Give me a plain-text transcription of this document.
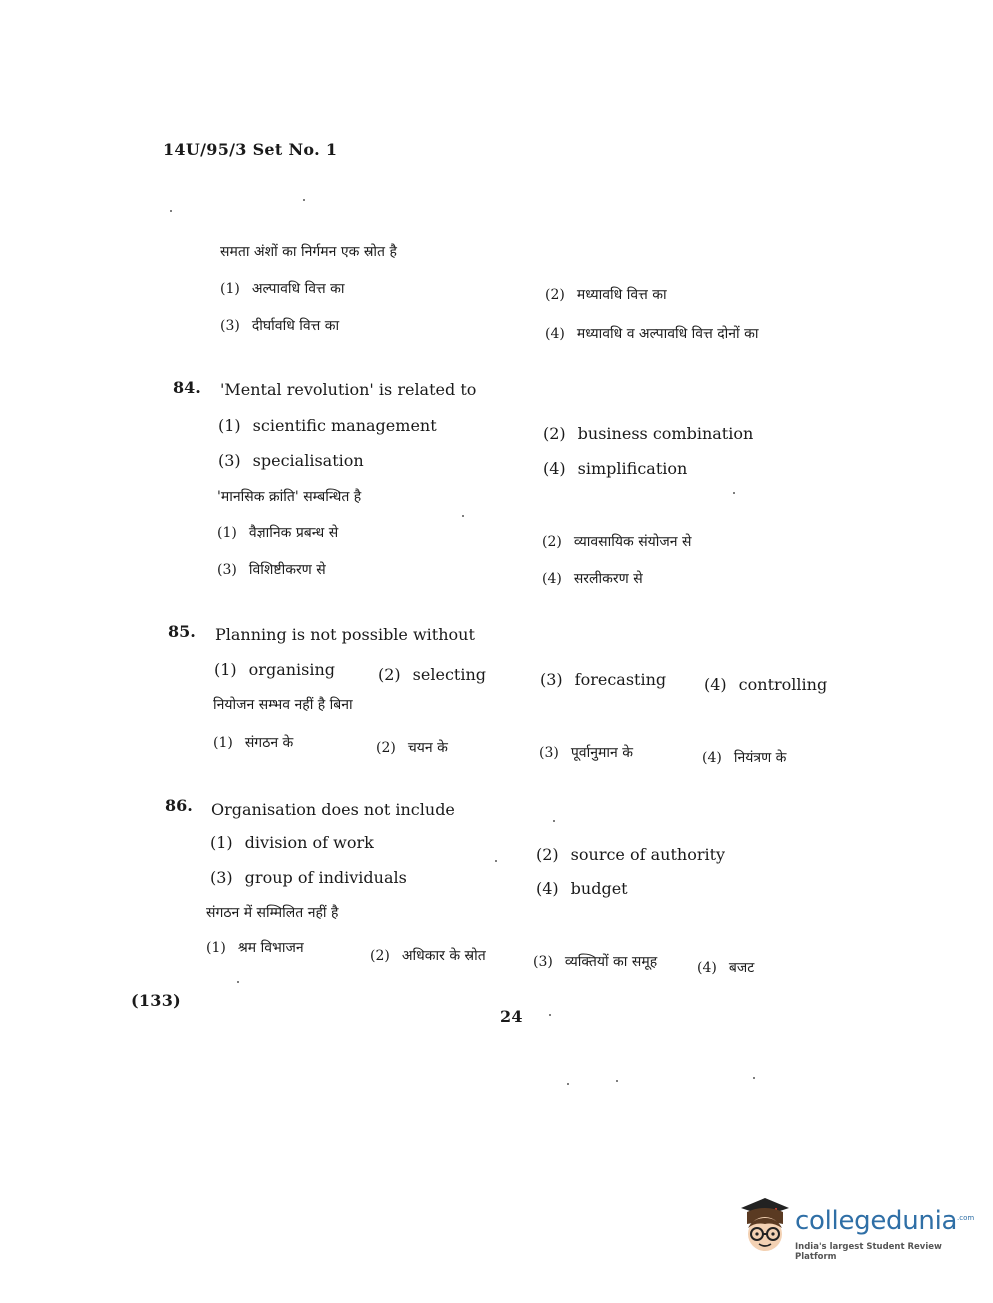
14U/95/3 Set No. 1
समता अंशों का निर्गमन एक स्रोत है
(1) अल्पावधि वित्त का	(2) मध्यावधि वित्त का
(3) दीर्घावधि वित्त का	(4) मध्यावधि व अल्पावधि वित्त दोनों का
84. 'Mental revolution' is related to
(1) scientific management	(2) business combination
(3) specialisation	(4) simplification
'मानसिक क्रांति' सम्बन्धित है
(1) वैज्ञानिक प्रबन्ध से
(2) व्यावसायिक संयोजन से
(3) विशिष्टीकरण से
(4) सरलीकरण से
85. Planning is not possible without
(1) organising	(2) selecting	(3) forecasting (4) controlling
नियोजन सम्भव नहीं है बिना
(1) संगठन के	(2) चयन के	(3) पूर्वानुमान के	(4) नियंत्रण के
86. Organisation does not include
(1) division of work
(2) source of authority
(3) group of individuals
(4) budget
संगठन में सम्मिलित नहीं है
(1) श्रम विभाजन	(2) अधिकार के स्रोत	(3) व्यक्तियों का समूह	(4) बजट
(133)
24
collegedunia .com
India's largest Student Review Platform
